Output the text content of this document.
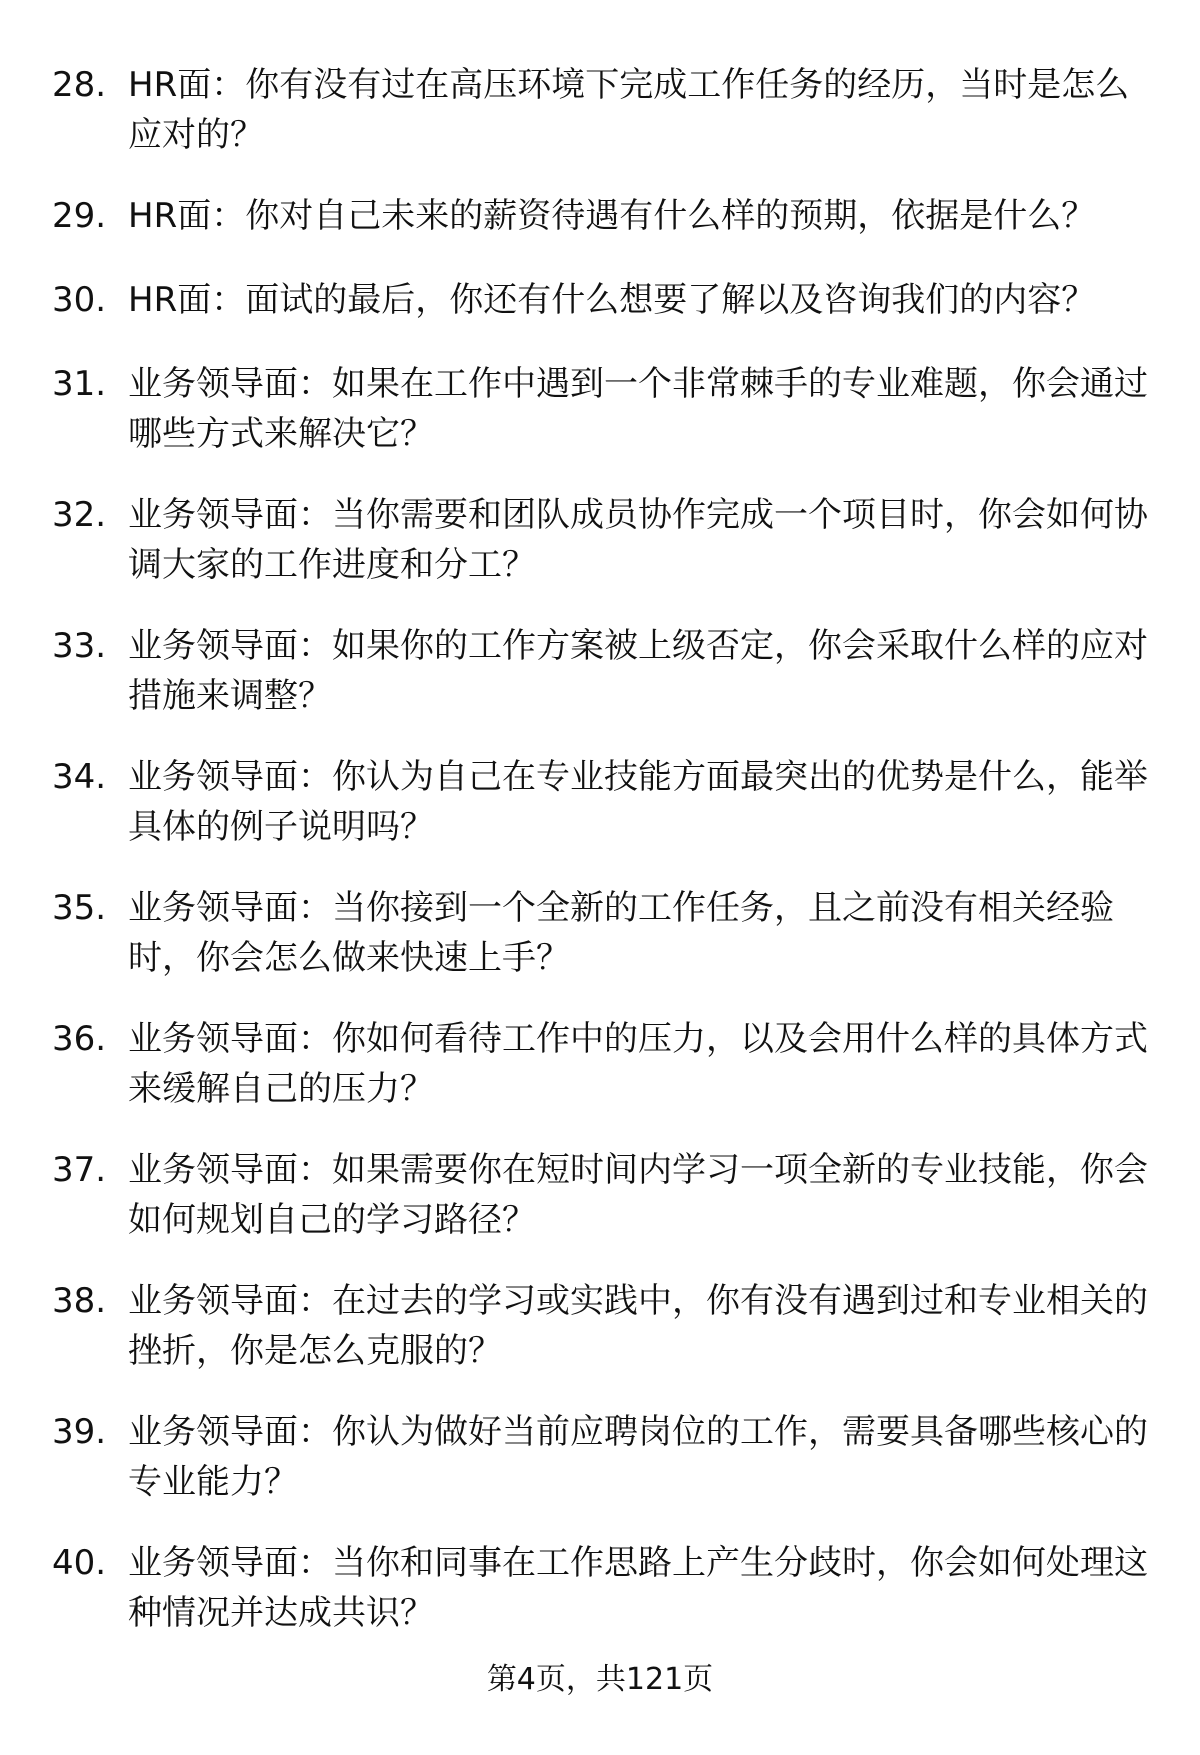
28. HR面：你有没有过在高压环境下完成工作任务的经历，当时是怎么应对的？
29. HR面：你对自己未来的薪资待遇有什么样的预期，依据是什么？
30. HR面：面试的最后，你还有什么想要了解以及咨询我们的内容？
31. 业务领导面：如果在工作中遇到一个非常棘手的专业难题，你会通过哪些方式来解决它？
32. 业务领导面：当你需要和团队成员协作完成一个项目时，你会如何协调大家的工作进度和分工？
33. 业务领导面：如果你的工作方案被上级否定，你会采取什么样的应对措施来调整？
34. 业务领导面：你认为自己在专业技能方面最突出的优势是什么，能举具体的例子说明吗？
35. 业务领导面：当你接到一个全新的工作任务，且之前没有相关经验时，你会怎么做来快速上手？
36. 业务领导面：你如何看待工作中的压力，以及会用什么样的具体方式来缓解自己的压力？
37. 业务领导面：如果需要你在短时间内学习一项全新的专业技能，你会如何规划自己的学习路径？
38. 业务领导面：在过去的学习或实践中，你有没有遇到过和专业相关的挫折，你是怎么克服的？
39. 业务领导面：你认为做好当前应聘岗位的工作，需要具备哪些核心的专业能力？
40. 业务领导面：当你和同事在工作思路上产生分歧时，你会如何处理这种情况并达成共识？
第4页，共121页
